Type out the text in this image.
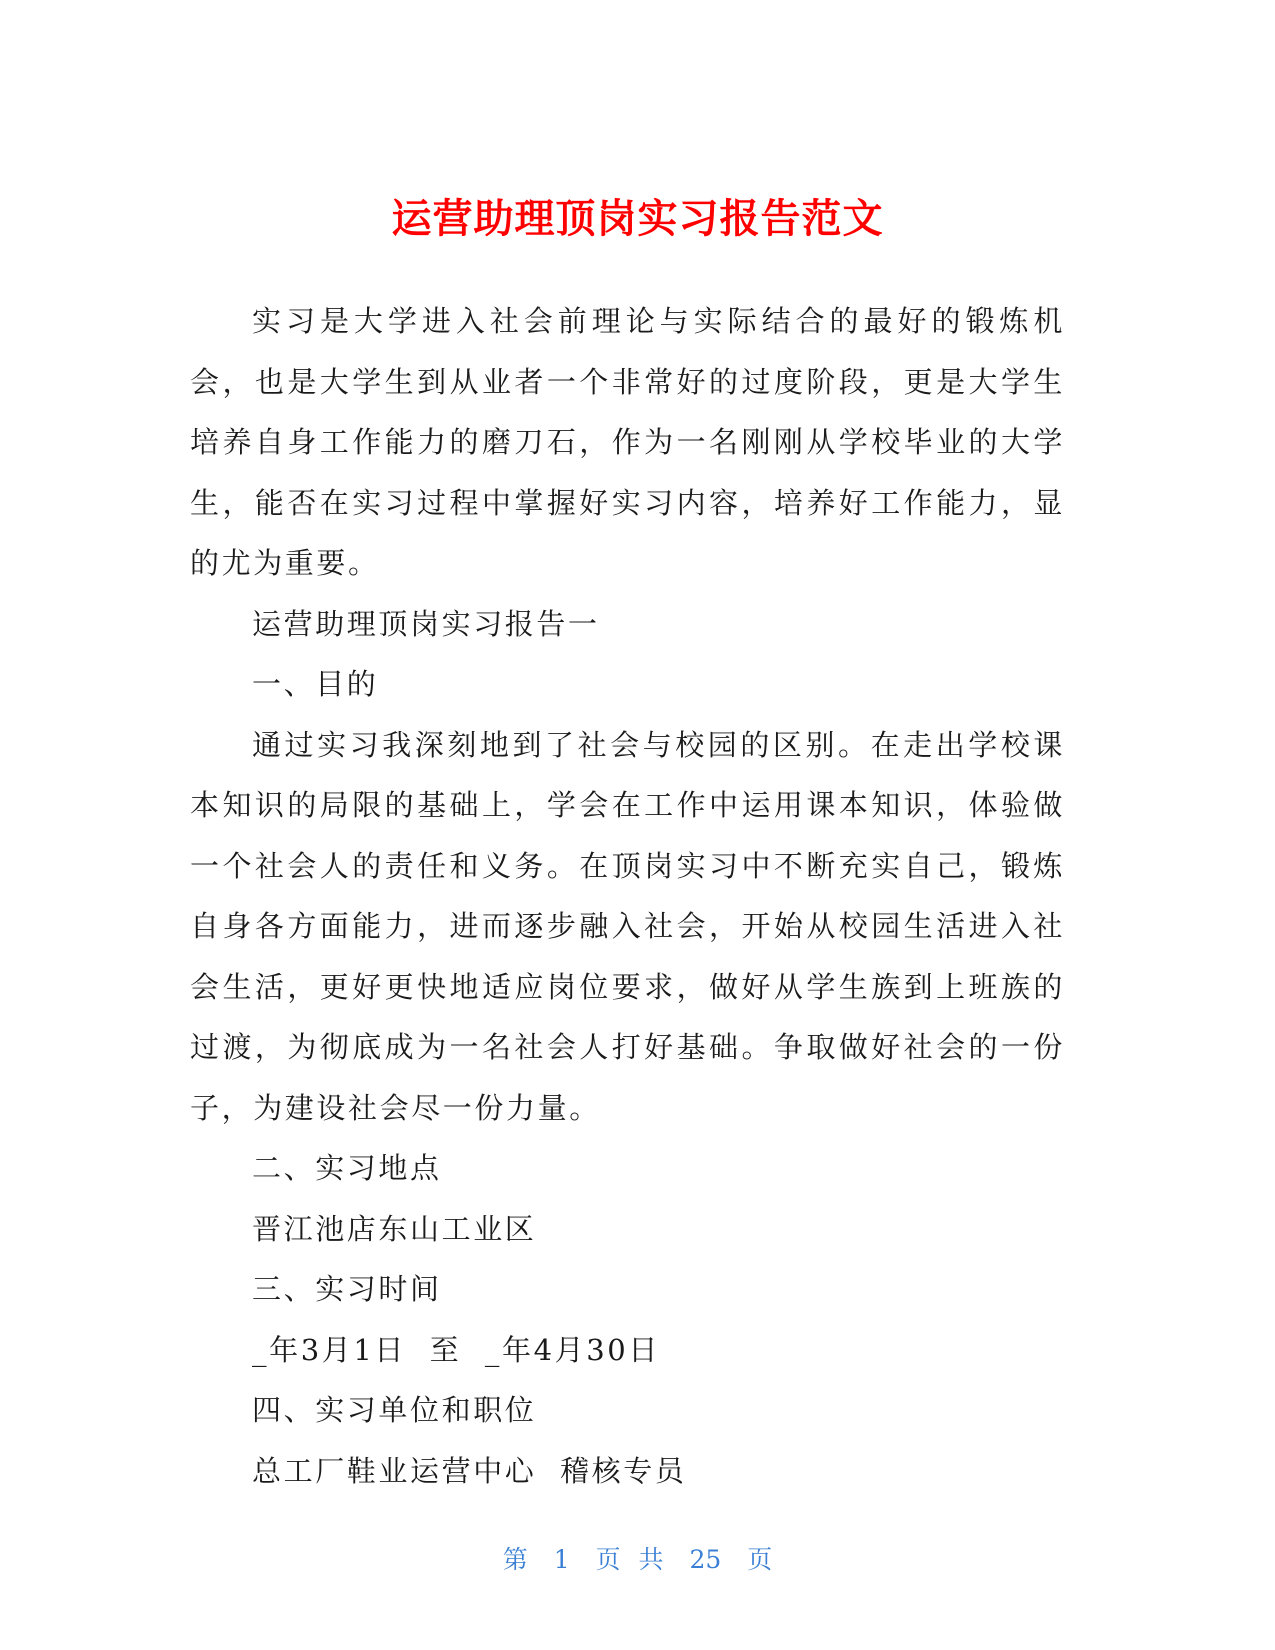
运营助理顶岗实习报告范文

实习是大学进入社会前理论与实际结合的最好的锻炼机会，也是大学生到从业者一个非常好的过度阶段，更是大学生培养自身工作能力的磨刀石，作为一名刚刚从学校毕业的大学生，能否在实习过程中掌握好实习内容，培养好工作能力，显的尤为重要。

运营助理顶岗实习报告一

一、目的

通过实习我深刻地到了社会与校园的区别。在走出学校课本知识的局限的基础上，学会在工作中运用课本知识，体验做一个社会人的责任和义务。在顶岗实习中不断充实自己，锻炼自身各方面能力，进而逐步融入社会，开始从校园生活进入社会生活，更好更快地适应岗位要求，做好从学生族到上班族的过渡，为彻底成为一名社会人打好基础。争取做好社会的一份子，为建设社会尽一份力量。

二、实习地点

晋江池店东山工业区

三、实习时间

_年3月1日  至  _年4月30日

四、实习单位和职位

总工厂鞋业运营中心  稽核专员

第 1 页 共 25 页
